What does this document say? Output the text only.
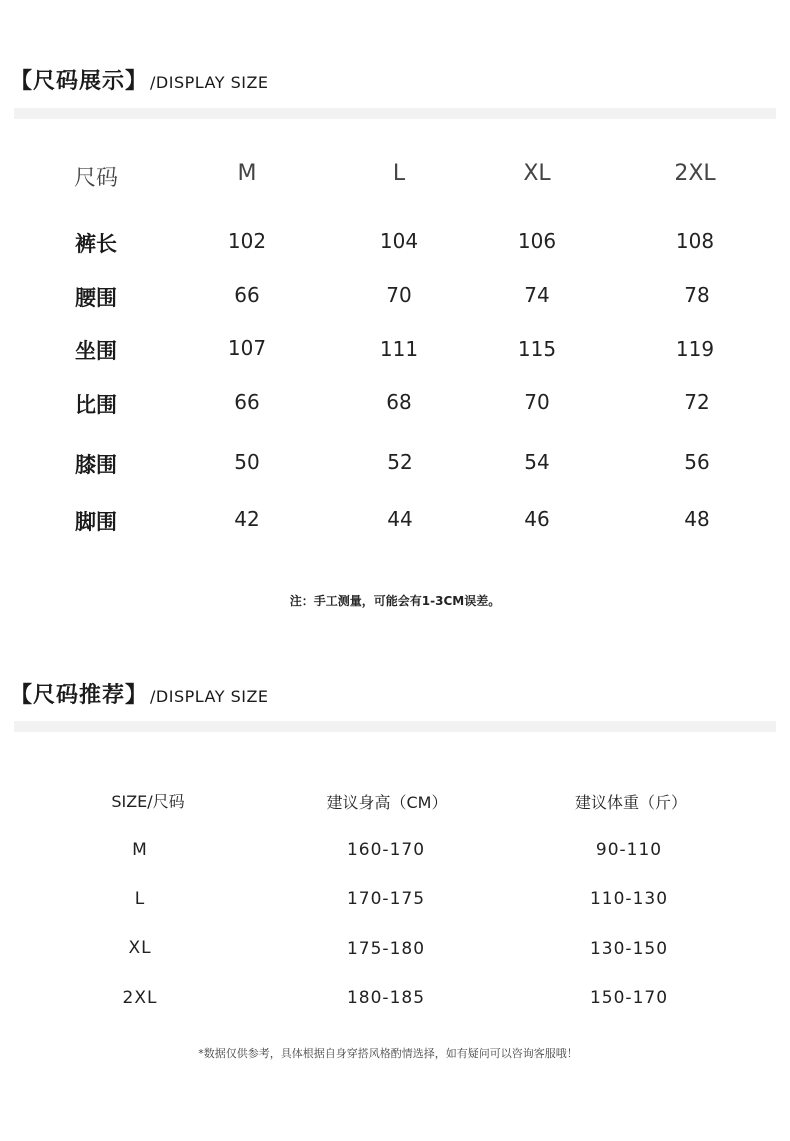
【尺码展示】 /DISPLAY SIZE
尺码	M	L	XL	2XL
裤长	102	104	106	108
腰围	66	70	74	78
坐围	107	111	115	119
比围	66	68	70	72
膝围	50	52	54	56
脚围	42	44	46	48
注：手工测量，可能会有1-3CM误差。
【尺码推荐】 /DISPLAY SIZE
SIZE/尺码	建议身高（CM）	建议体重（斤）
M	160-170	90-110
L	170-175	110-130
XL	175-180	130-150
2XL	180-185	150-170
*数据仅供参考，具体根据自身穿搭风格酌情选择，如有疑问可以咨询客服哦！
